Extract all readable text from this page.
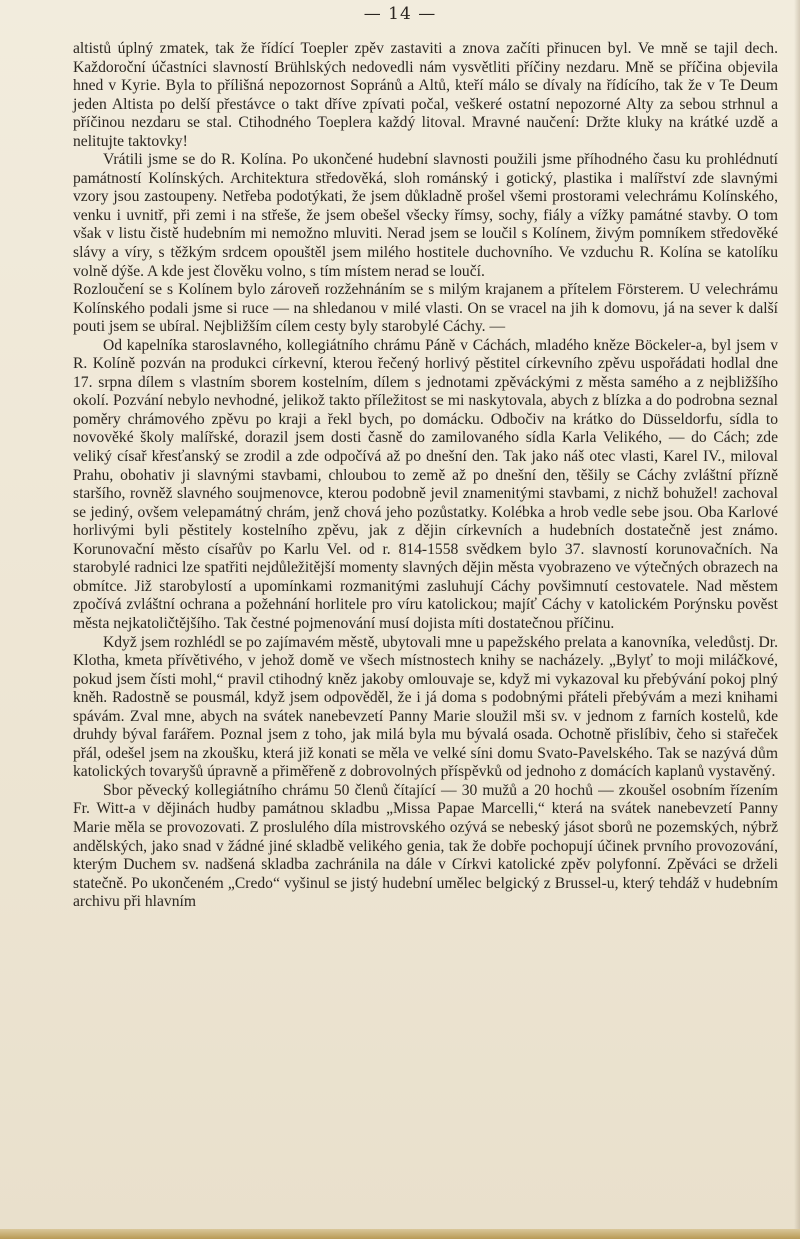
— 14 —

altistů úplný zmatek, tak že řídící Toepler zpěv zastaviti a znova začíti přinucen byl. Ve mně se tajil dech. Každoroční účastníci slavností Brühlských nedovedli nám vysvětliti příčiny nezdaru. Mně se příčina objevila hned v Kyrie. Byla to přílišná nepozornost Sopránů a Altů, kteří málo se dívaly na řídícího, tak že v Te Deum jeden Altista po delší přestávce o takt dříve zpívati počal, veškeré ostatní nepozorné Alty za sebou strhnul a příčinou nezdaru se stal. Ctihodného Toeplera každý litoval. Mravné naučení: Držte kluky na krátké uzdě a nelitujte taktovky!

Vrátili jsme se do R. Kolína. Po ukončené hudební slavnosti použili jsme příhodného času ku prohlédnutí památností Kolínských. Architektura středověká, sloh románský i gotický, plastika i malířství zde slavnými vzory jsou zastoupeny. Netřeba podotýkati, že jsem důkladně prošel všemi prostorami velechrámu Kolínského, venku i uvnitř, při zemi i na střeše, že jsem obešel všecky římsy, sochy, fiály a vížky památné stavby. O tom však v listu čistě hudebním mi nemožno mluviti. Nerad jsem se loučil s Kolínem, živým pomníkem středověké slávy a víry, s těžkým srdcem opouštěl jsem milého hostitele duchovního. Ve vzduchu R. Kolína se katolíku volně dýše. A kde jest člověku volno, s tím místem nerad se loučí.

Rozloučení se s Kolínem bylo zároveň rozžehnáním se s milým krajanem a přítelem Försterem. U velechrámu Kolínského podali jsme si ruce — na shledanou v milé vlasti. On se vracel na jih k domovu, já na sever k další pouti jsem se ubíral. Nejbližším cílem cesty byly starobylé Cáchy. —

Od kapelníka staroslavného, kollegiátního chrámu Páně v Cáchách, mladého kněze Böckeler-a, byl jsem v R. Kolíně pozván na produkci církevní, kterou řečený horlivý pěstitel církevního zpěvu uspořádati hodlal dne 17. srpna dílem s vlastním sborem kostelním, dílem s jednotami zpěváckými z města samého a z nejbližšího okolí. Pozvání nebylo nevhodné, jelikož takto příležitost se mi naskytovala, abych z blízka a do podrobna seznal poměry chrámového zpěvu po kraji a řekl bych, po domácku. Odbočiv na krátko do Düsseldorfu, sídla to novověké školy malířské, dorazil jsem dosti časně do zamilovaného sídla Karla Velikého, — do Cách; zde veliký císař křesťanský se zrodil a zde odpočívá až po dnešní den. Tak jako náš otec vlasti, Karel IV., miloval Prahu, obohativ ji slavnými stavbami, chloubou to země až po dnešní den, těšily se Cáchy zvláštní přízně staršího, rovněž slavného soujmenovce, kterou podobně jevil znamenitými stavbami, z nichž bohužel! zachoval se jediný, ovšem velepamátný chrám, jenž chová jeho pozůstatky. Kolébka a hrob vedle sebe jsou. Oba Karlové horlivými byli pěstitely kostelního zpěvu, jak z dějin církevních a hudebních dostatečně jest známo. Korunovační město císařův po Karlu Vel. od r. 814-1558 svědkem bylo 37. slavností korunovačních. Na starobylé radnici lze spatřiti nejdůležitější momenty slavných dějin města vyobrazeno ve výtečných obrazech na obmítce. Již starobylostí a upomínkami rozmanitými zasluhují Cáchy povšimnutí cestovatele. Nad městem zpočívá zvláštní ochrana a požehnání horlitele pro víru katolickou; majíť Cáchy v katolickém Porýnsku pověst města nejkatoličtějšího. Tak čestné pojmenování musí dojista míti dostatečnou příčinu.

Když jsem rozhlédl se po zajímavém městě, ubytovali mne u papežského prelata a kanovníka, veledůstj. Dr. Klotha, kmeta přívětivého, v jehož domě ve všech místnostech knihy se nacházely. „Bylyť to moji miláčkové, pokud jsem čísti mohl,“ pravil ctihodný kněz jakoby omlouvaje se, když mi vykazoval ku přebývání pokoj plný kněh. Radostně se pousmál, když jsem odpověděl, že i já doma s podobnými přáteli přebývám a mezi knihami spávám. Zval mne, abych na svátek nanebevzetí Panny Marie sloužil mši sv. v jednom z farních kostelů, kde druhdy býval farářem. Poznal jsem z toho, jak milá byla mu bývalá osada. Ochotně přislíbiv, čeho si stařeček přál, odešel jsem na zkoušku, která již konati se měla ve velké síni domu Svato-Pavelského. Tak se nazývá dům katolických tovaryšů úpravně a přiměřeně z dobrovolných příspěvků od jednoho z domácích kaplanů vystavěný.

Sbor pěvecký kollegiátního chrámu 50 členů čítající — 30 mužů a 20 hochů — zkoušel osobním řízením Fr. Witt-a v dějinách hudby památnou skladbu „Missa Papae Marcelli,“ která na svátek nanebevzetí Panny Marie měla se provozovati. Z proslulého díla mistrovského ozývá se nebeský jásot sborů ne pozemských, nýbrž andělských, jako snad v žádné jiné skladbě velikého genia, tak že dobře pochopují účinek prvního provozování, kterým Duchem sv. nadšená skladba zachránila na dále v Církvi katolické zpěv polyfonní. Zpěváci se drželi statečně. Po ukončeném „Credo“ vyšinul se jistý hudební umělec belgický z Brussel-u, který tehdáž v hudebním archivu při hlavním
